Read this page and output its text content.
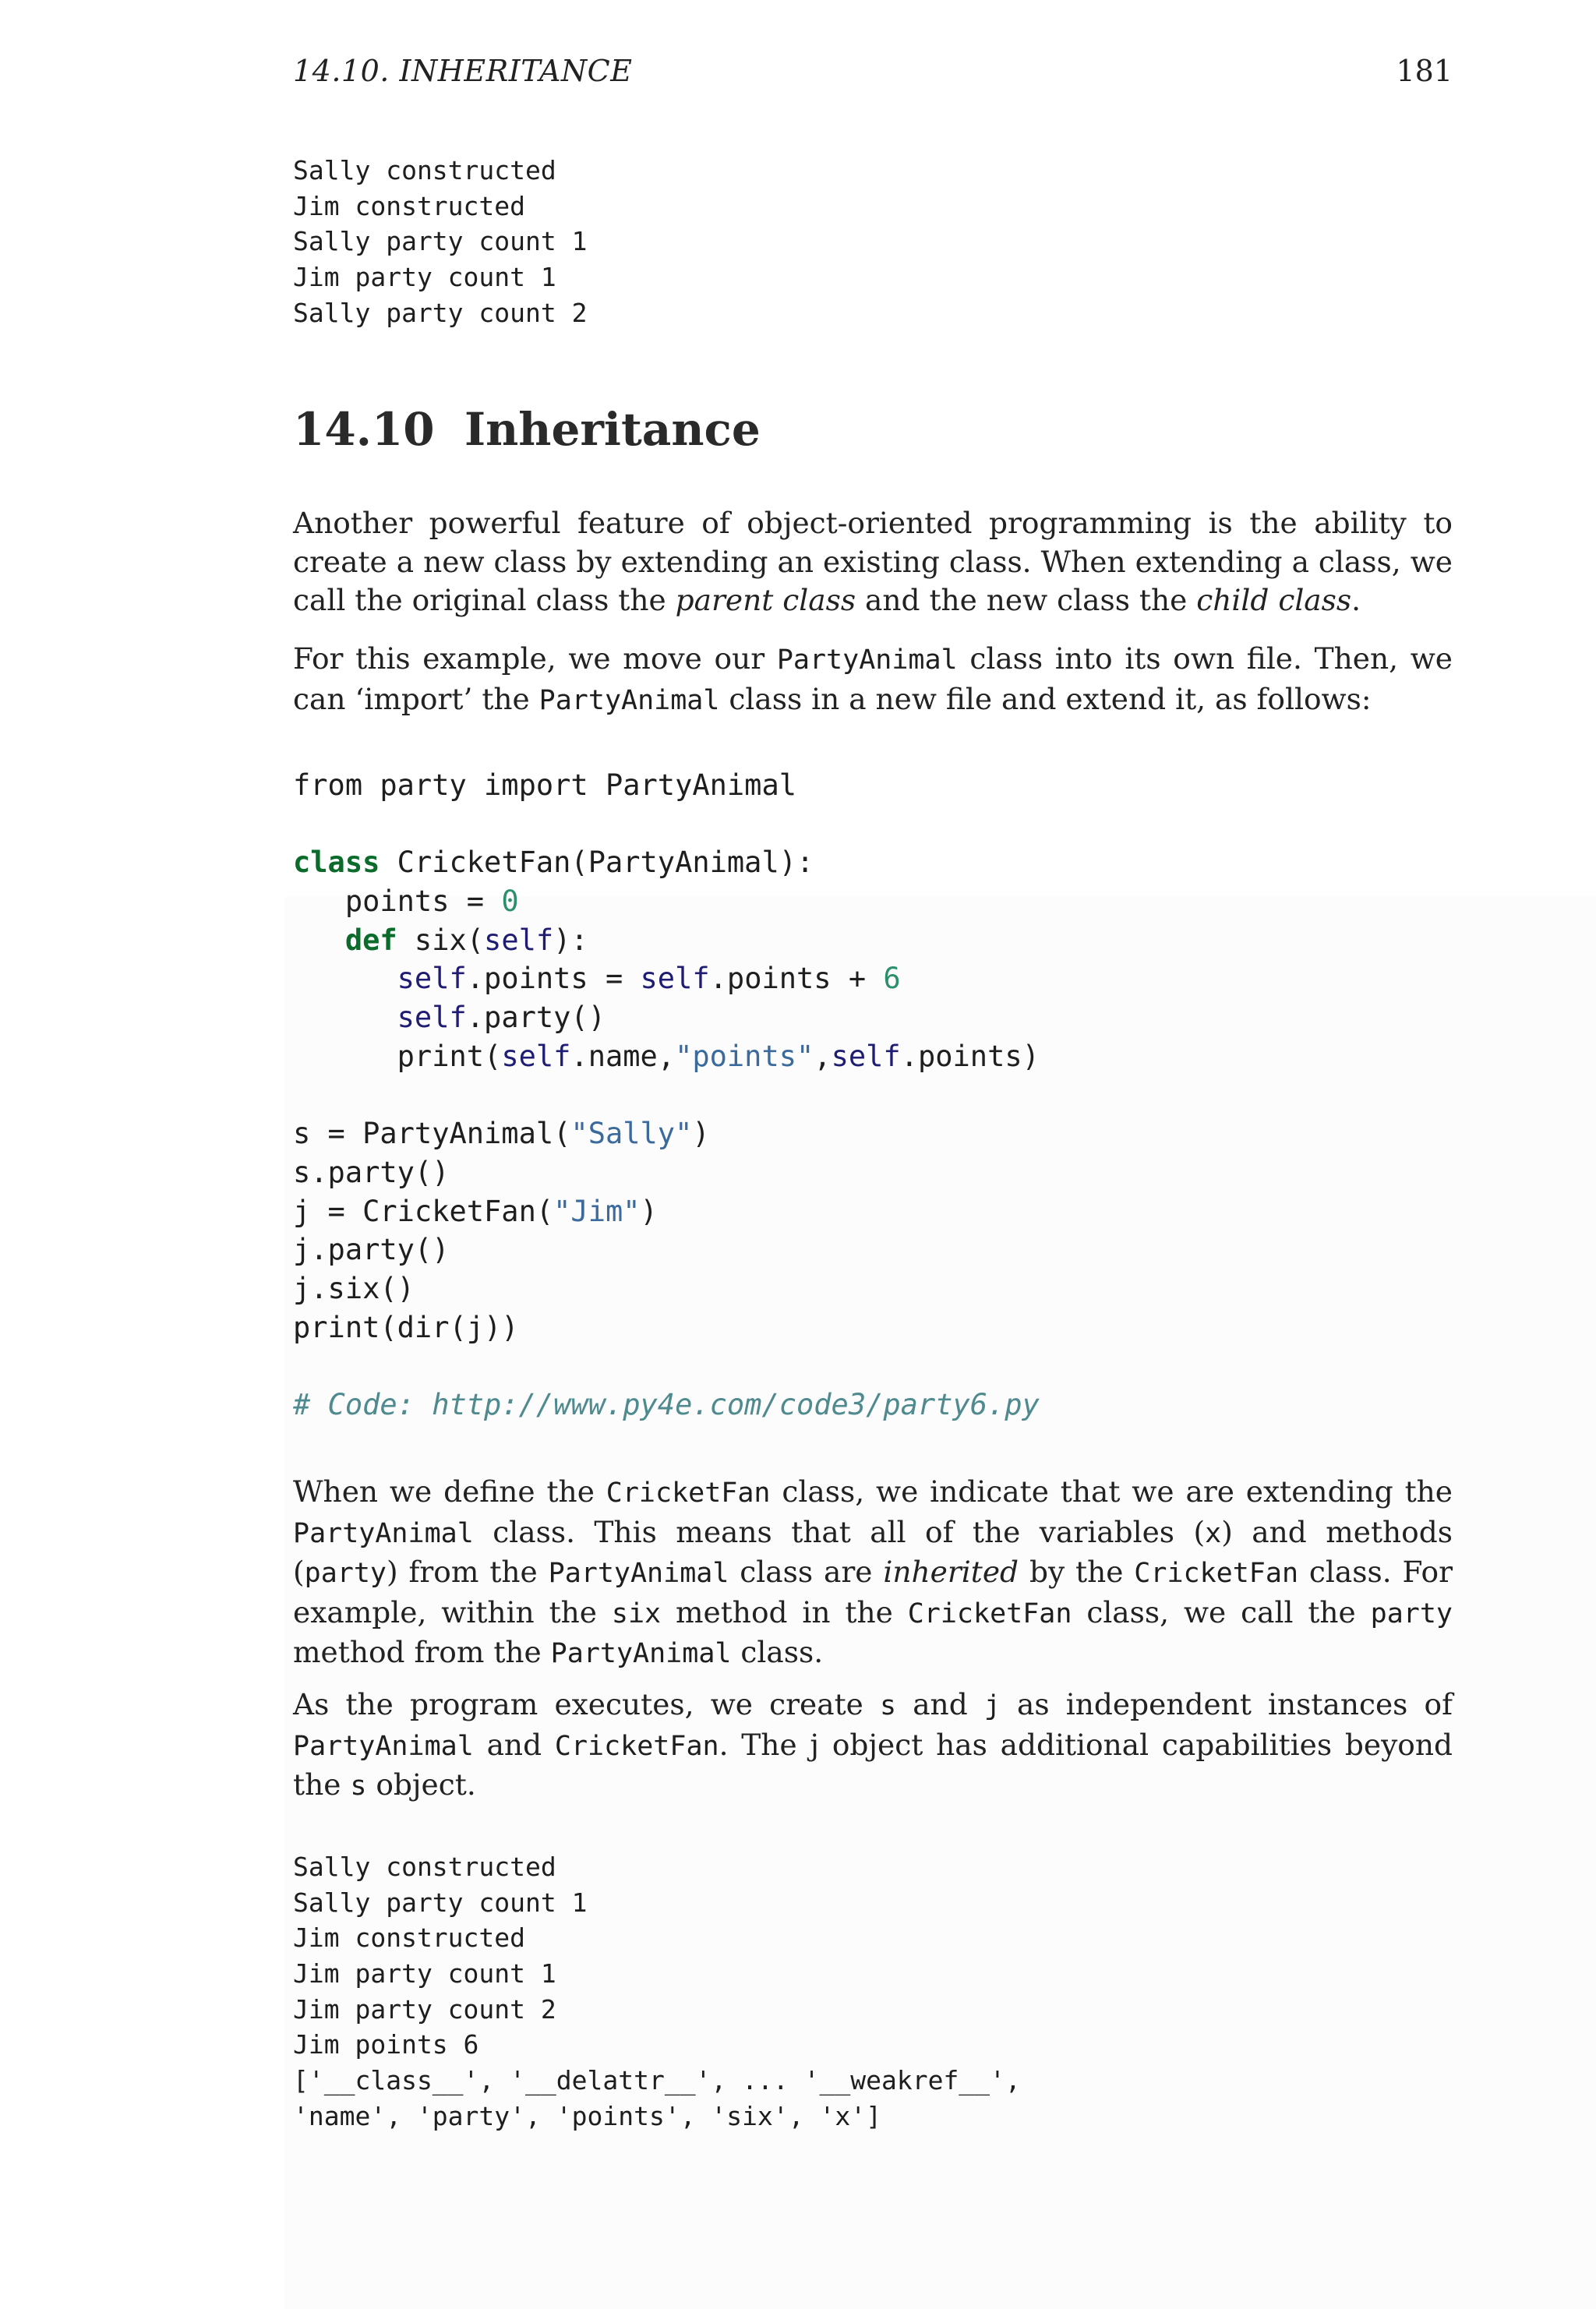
14.10. INHERITANCE	181
Sally constructed
Jim constructed
Sally party count 1
Jim party count 1
Sally party count 2
14.10 Inheritance

Another powerful feature of object-oriented programming is the ability to create a new class by extending an existing class. When extending a class, we call the original class the parent class and the new class the child class.

For this example, we move our PartyAnimal class into its own file. Then, we can ‘import’ the PartyAnimal class in a new file and extend it, as follows:

from party import PartyAnimal
class CricketFan(PartyAnimal):
points = 0
def six(self):
self.points = self.points + 6
self.party()
print(self.name,"points",self.points)
s = PartyAnimal("Sally")
s.party()
j = CricketFan("Jim")
j.party()
j.six()
print(dir(j))
# Code: http://www.py4e.com/code3/party6.py

When we define the CricketFan class, we indicate that we are extending the PartyAnimal class. This means that all of the variables (x) and methods (party) from the PartyAnimal class are inherited by the CricketFan class. For example, within the six method in the CricketFan class, we call the party method from the PartyAnimal class.

As the program executes, we create s and j as independent instances of PartyAnimal and CricketFan. The j object has additional capabilities beyond the s object.

Sally constructed
Sally party count 1
Jim constructed
Jim party count 1
Jim party count 2
Jim points 6
['__class__', '__delattr__', ... '__weakref__',
'name', 'party', 'points', 'six', 'x']
